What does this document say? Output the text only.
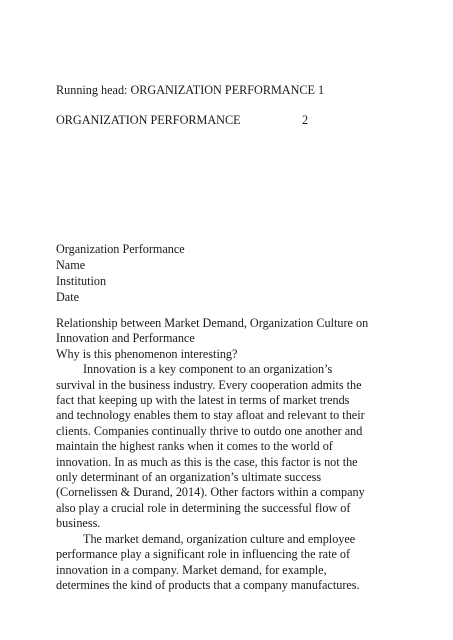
Running head: ORGANIZATION PERFORMANCE 1
ORGANIZATION PERFORMANCE	2
Organization Performance
Name
Institution
Date
Relationship between Market Demand, Organization Culture on
Innovation and Performance
Why is this phenomenon interesting?
Innovation is a key component to an organization’s
survival in the business industry. Every cooperation admits the
fact that keeping up with the latest in terms of market trends
and technology enables them to stay afloat and relevant to their
clients. Companies continually thrive to outdo one another and
maintain the highest ranks when it comes to the world of
innovation. In as much as this is the case, this factor is not the
only determinant of an organization’s ultimate success
(Cornelissen & Durand, 2014). Other factors within a company
also play a crucial role in determining the successful flow of
business.
The market demand, organization culture and employee
performance play a significant role in influencing the rate of
innovation in a company. Market demand, for example,
determines the kind of products that a company manufactures.
